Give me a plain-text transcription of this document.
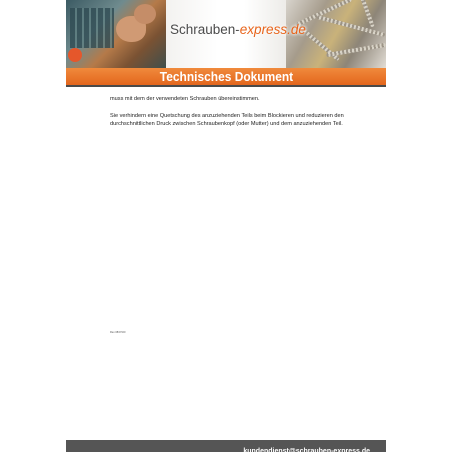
Schrauben-express.de
Technisches Dokument

muss mit dem der verwendeten Schrauben übereinstimmen.

Sie verhindern eine Quetschung des anzuziehenden Teils beim Blockieren und reduzieren den durchschnittlichen Druck zwischen Schraubenkopf (oder Mutter) und dem anzuziehenden Teil.

Rev 08/07/20
kundendienst@schrauben-express.de
